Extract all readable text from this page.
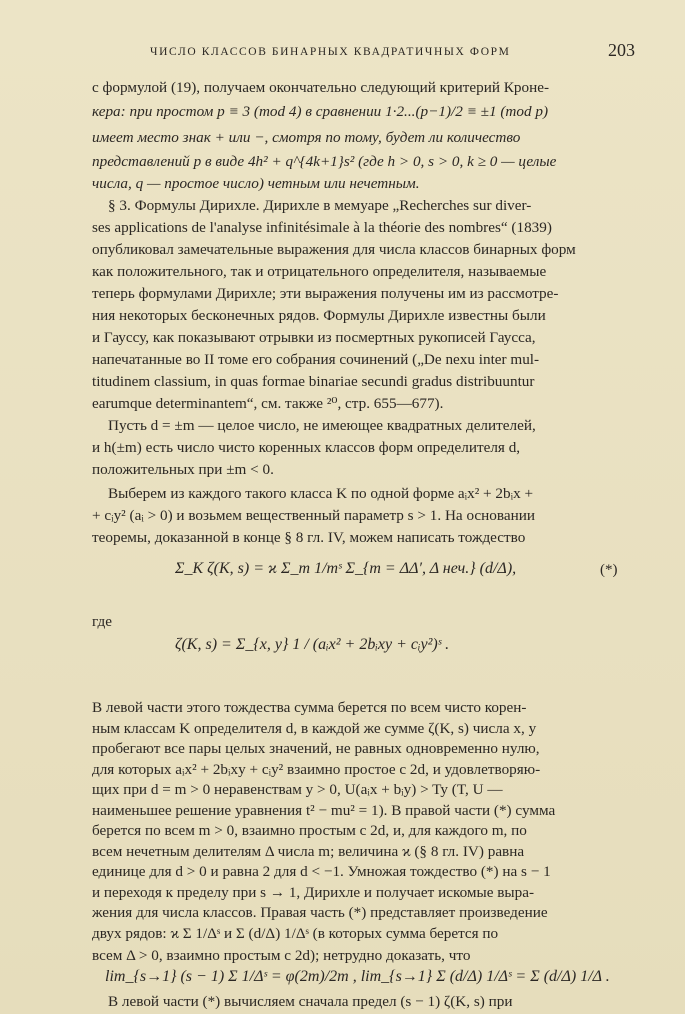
ЧИСЛО КЛАССОВ БИНАРНЫХ КВАДРАТИЧНЫХ ФОРМ	203
с формулой (19), получаем окончательно следующий критерий Кроне-
кера: при простом p ≡ 3 (mod 4) в сравнении 1·2...(p−1)/2 ≡ ±1 (mod p)
имеет место знак + или −, смотря по тому, будет ли количество
представлений p в виде 4h² + q^{4k+1}s² (где h > 0, s > 0, k ≥ 0 — целые
числа, q — простое число) четным или нечетным.
§ 3. Формулы Дирихле. Дирихле в мемуаре „Recherches sur diver-
ses applications de l'analyse infinitésimale à la théorie des nombres“ (1839)
опубликовал замечательные выражения для числа классов бинарных форм
как положительного, так и отрицательного определителя, называемые
теперь формулами Дирихле; эти выражения получены им из рассмотре-
ния некоторых бесконечных рядов. Формулы Дирихле известны были
и Гауссу, как показывают отрывки из посмертных рукописей Гаусса,
напечатанные во II томе его собрания сочинений („De nexu inter mul-
titudinem classium, in quas formae binariae secundi gradus distribuuntur
earumque determinantem“, см. также ²⁰, стр. 655—677).
Пусть d = ±m — целое число, не имеющее квадратных делителей,
и h(±m) есть число чисто коренных классов форм определителя d,
положительных при ±m < 0.
Выберем из каждого такого класса K по одной форме aᵢx² + 2bᵢx +
+ cᵢy² (aᵢ > 0) и возьмем вещественный параметр s > 1. На основании
теоремы, доказанной в конце § 8 гл. IV, можем написать тождество
где
В левой части этого тождества сумма берется по всем чисто корен-
ным классам K определителя d, в каждой же сумме ζ(K, s) числа x, y
пробегают все пары целых значений, не равных одновременно нулю,
для которых aᵢx² + 2bᵢxy + cᵢy² взаимно простое с 2d, и удовлетворяю-
щих при d = m > 0 неравенствам y > 0, U(aᵢx + bᵢy) > Ty (T, U —
наименьшее решение уравнения t² − mu² = 1). В правой части (*) сумма
берется по всем m > 0, взаимно простым с 2d, и, для каждого m, по
всем нечетным делителям Δ числа m; величина ϰ (§ 8 гл. IV) равна
единице для d > 0 и равна 2 для d < −1. Умножая тождество (*) на s − 1
и переходя к пределу при s → 1, Дирихле и получает искомые выра-
жения для числа классов. Правая часть (*) представляет произведение
двух рядов: ϰ Σ 1/Δˢ и Σ (d/Δ) 1/Δˢ (в которых сумма берется по
всем Δ > 0, взаимно простым с 2d); нетрудно доказать, что
В левой части (*) вычисляем сначала предел (s − 1) ζ(K, s) при
lim_{s→1} (s − 1) Σ 1/Δˢ = φ(2m)/2m , lim_{s→1} Σ (d/Δ) 1/Δˢ = Σ (d/Δ) 1/Δ .
Σ_K ζ(K, s) = ϰ Σ_m 1/mˢ Σ_{m = ΔΔ′, Δ неч.} (d/Δ),	(*)
ζ(K, s) = Σ_{x, y} 1 / (aᵢx² + 2bᵢxy + cᵢy²)ˢ .
